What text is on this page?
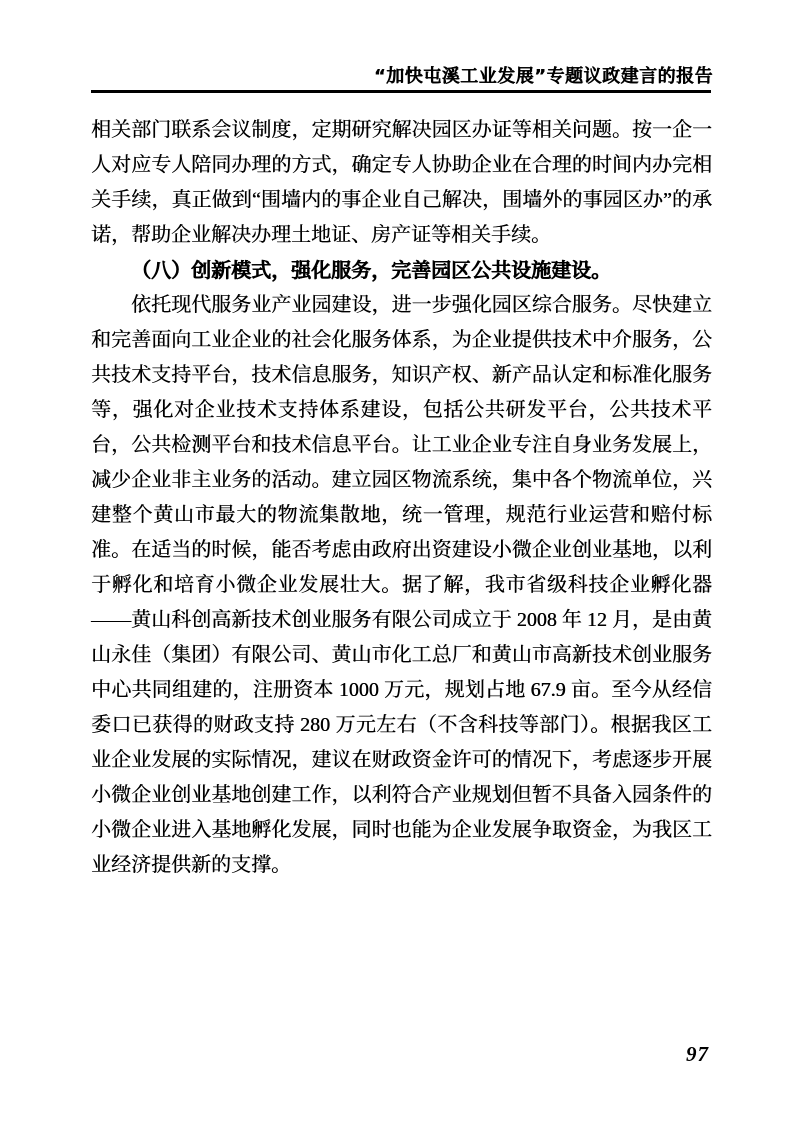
“加快屯溪工业发展”专题议政建言的报告

相关部门联系会议制度，定期研究解决园区办证等相关问题。按一企一人对应专人陪同办理的方式，确定专人协助企业在合理的时间内办完相关手续，真正做到“围墙内的事企业自己解决，围墙外的事园区办”的承诺，帮助企业解决办理土地证、房产证等相关手续。

（八）创新模式，强化服务，完善园区公共设施建设。

依托现代服务业产业园建设，进一步强化园区综合服务。尽快建立和完善面向工业企业的社会化服务体系，为企业提供技术中介服务，公共技术支持平台，技术信息服务，知识产权、新产品认定和标准化服务等，强化对企业技术支持体系建设，包括公共研发平台，公共技术平台，公共检测平台和技术信息平台。让工业企业专注自身业务发展上，减少企业非主业务的活动。建立园区物流系统，集中各个物流单位，兴建整个黄山市最大的物流集散地，统一管理，规范行业运营和赔付标准。在适当的时候，能否考虑由政府出资建设小微企业创业基地，以利于孵化和培育小微企业发展壮大。据了解，我市省级科技企业孵化器——黄山科创高新技术创业服务有限公司成立于 2008 年 12 月，是由黄山永佳（集团）有限公司、黄山市化工总厂和黄山市高新技术创业服务中心共同组建的，注册资本 1000 万元，规划占地 67.9 亩。至今从经信委口已获得的财政支持 280 万元左右（不含科技等部门）。根据我区工业企业发展的实际情况，建议在财政资金许可的情况下，考虑逐步开展小微企业创业基地创建工作，以利符合产业规划但暂不具备入园条件的小微企业进入基地孵化发展，同时也能为企业发展争取资金，为我区工业经济提供新的支撑。

97
